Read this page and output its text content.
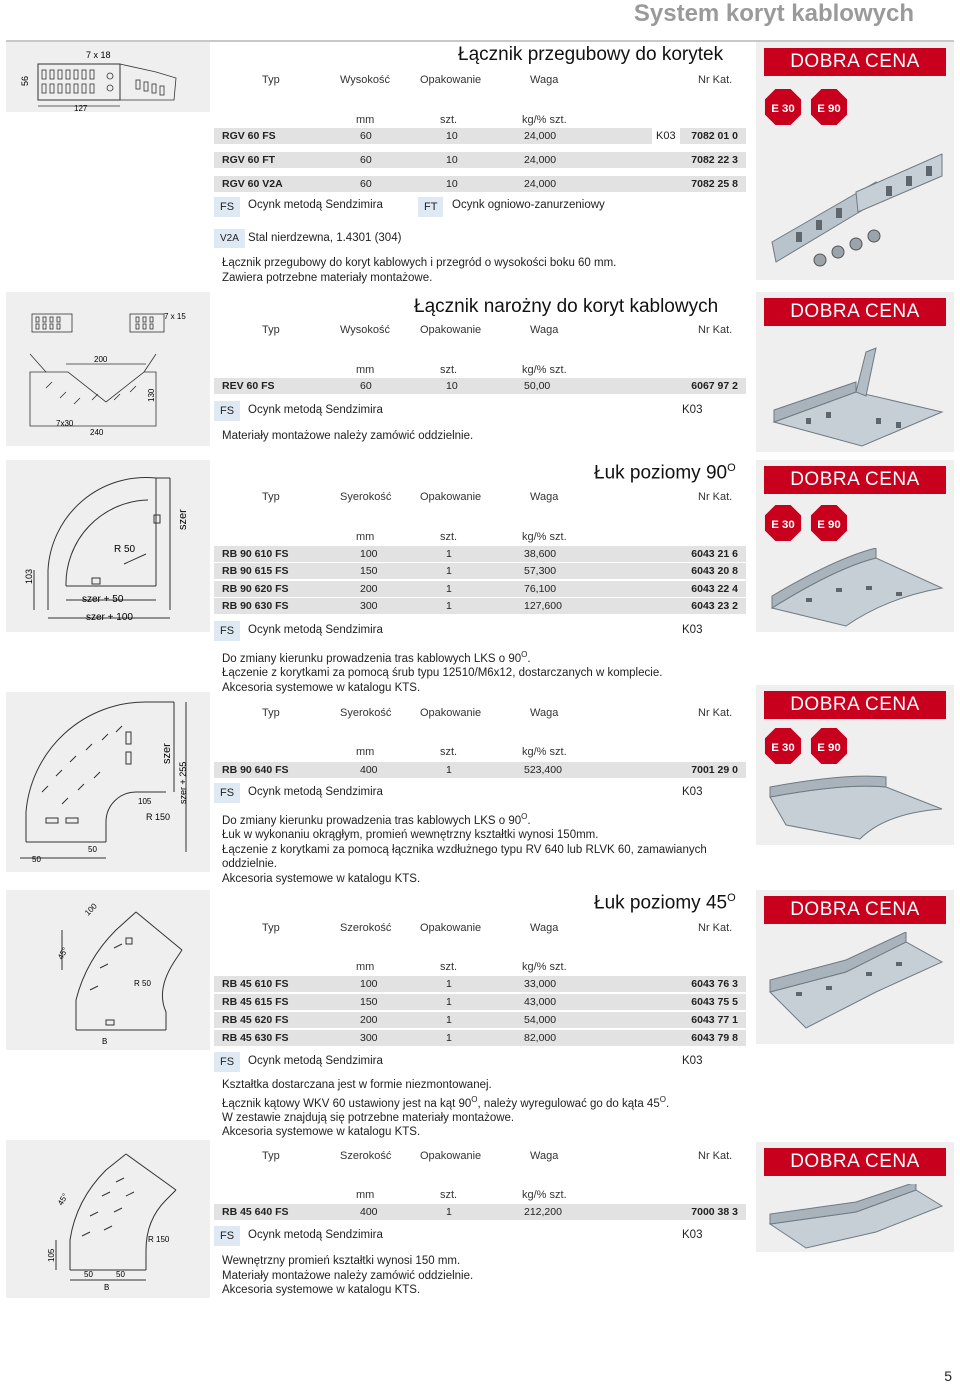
System koryt kablowych
56
7 x 18
127
Łącznik przegubowy do korytek	DOBRA CENA
E 30 E 90
Typ	Wysokość	Opakowanie	Waga	Nr Kat.
mm	szt.	kg/% szt.
RGV 60 FS	60	10	24,000	K03	7082 01 0
RGV 60 FT	60	10	24,000	7082 22 3
RGV 60 V2A	60	10	24,000	7082 25 8
FS	Ocynk metodą Sendzimira	FT	Ocynk ogniowo-zanurzeniowy
V2A Stal nierdzewna, 1.4301 (304)
Łącznik przegubowy do koryt kablowych i przegród o wysokości boku 60 mm.
Zawiera potrzebne materiały montażowe.
7 x 15
200
130
7x30
240
Łącznik narożny do koryt kablowych	DOBRA CENA
Typ	Wysokość	Opakowanie	Waga	Nr Kat.
mm	szt.	kg/% szt.
REV 60 FS	60	10	50,00	6067 97 2
FS	Ocynk metodą Sendzimira	K03
Materiały montażowe należy zamówić oddzielnie.
R 50
szer
103
szer + 50
szer + 100
Łuk poziomy $90^O$
DOBRA CENA
E 30 E 90
Typ	Syerokość	Opakowanie	Waga	Nr Kat.
mm	szt.	kg/% szt.
RB 90 610 FS	100	1	38,600	6043 21 6
RB 90 615 FS	150	1	57,300	6043 20 8
RB 90 620 FS	200	1	76,100	6043 22 4
RB 90 630 FS	300	1	127,600	6043 23 2
FS	Ocynk metodą Sendzimira	K03
Do zmiany kierunku prowadzenia tras kablowych LKS o $90^O$.
Łączenie z korytkami za pomocą śrub typu 12510/M6x12, dostarczanych w komplecie.
Akcesoria systemowe w katalogu KTS.
szer
szer + 255
105
R 150
50
50
DOBRA CENA
E 30 E 90
Typ	Syerokość	Opakowanie	Waga	Nr Kat.
mm	szt.	kg/% szt.
RB 90 640 FS	400	1	523,400	7001 29 0
FS	Ocynk metodą Sendzimira	K03
Do zmiany kierunku prowadzenia tras kablowych LKS o $90^O$.
Łuk w wykonaniu okrągłym, promień wewnętrzny kształtki wynosi 150mm.
Łączenie z korytkami za pomocą łącznika wzdłużnego typu RV 640 lub RLVK 60, zamawianych
oddzielnie.
Akcesoria systemowe w katalogu KTS.
100
45°
R 50
B
Łuk poziomy $45^O$
DOBRA CENA
Typ	Szerokość	Opakowanie	Waga	Nr Kat.
mm	szt.	kg/% szt.
RB 45 610 FS	100	1	33,000	6043 76 3
RB 45 615 FS	150	1	43,000	6043 75 5
RB 45 620 FS	200	1	54,000	6043 77 1
RB 45 630 FS	300	1	82,000	6043 79 8
FS	Ocynk metodą Sendzimira	K03
Kształtka dostarczana jest w formie niezmontowanej.
Łącznik kątowy WKV 60 ustawiony jest na kąt $90^O$, należy wyregulować go do kąta $45^O$.
W zestawie znajdują się potrzebne materiały montażowe.
Akcesoria systemowe w katalogu KTS.
45°
R 150
105
50	50
B
DOBRA CENA
Typ	Szerokość	Opakowanie	Waga	Nr Kat.
mm	szt.	kg/% szt.
RB 45 640 FS	400	1	212,200	7000 38 3
FS	Ocynk metodą Sendzimira	K03
Wewnętrzny promień kształtki wynosi 150 mm.
Materiały montażowe należy zamówić oddzielnie.
Akcesoria systemowe w katalogu KTS.
5
